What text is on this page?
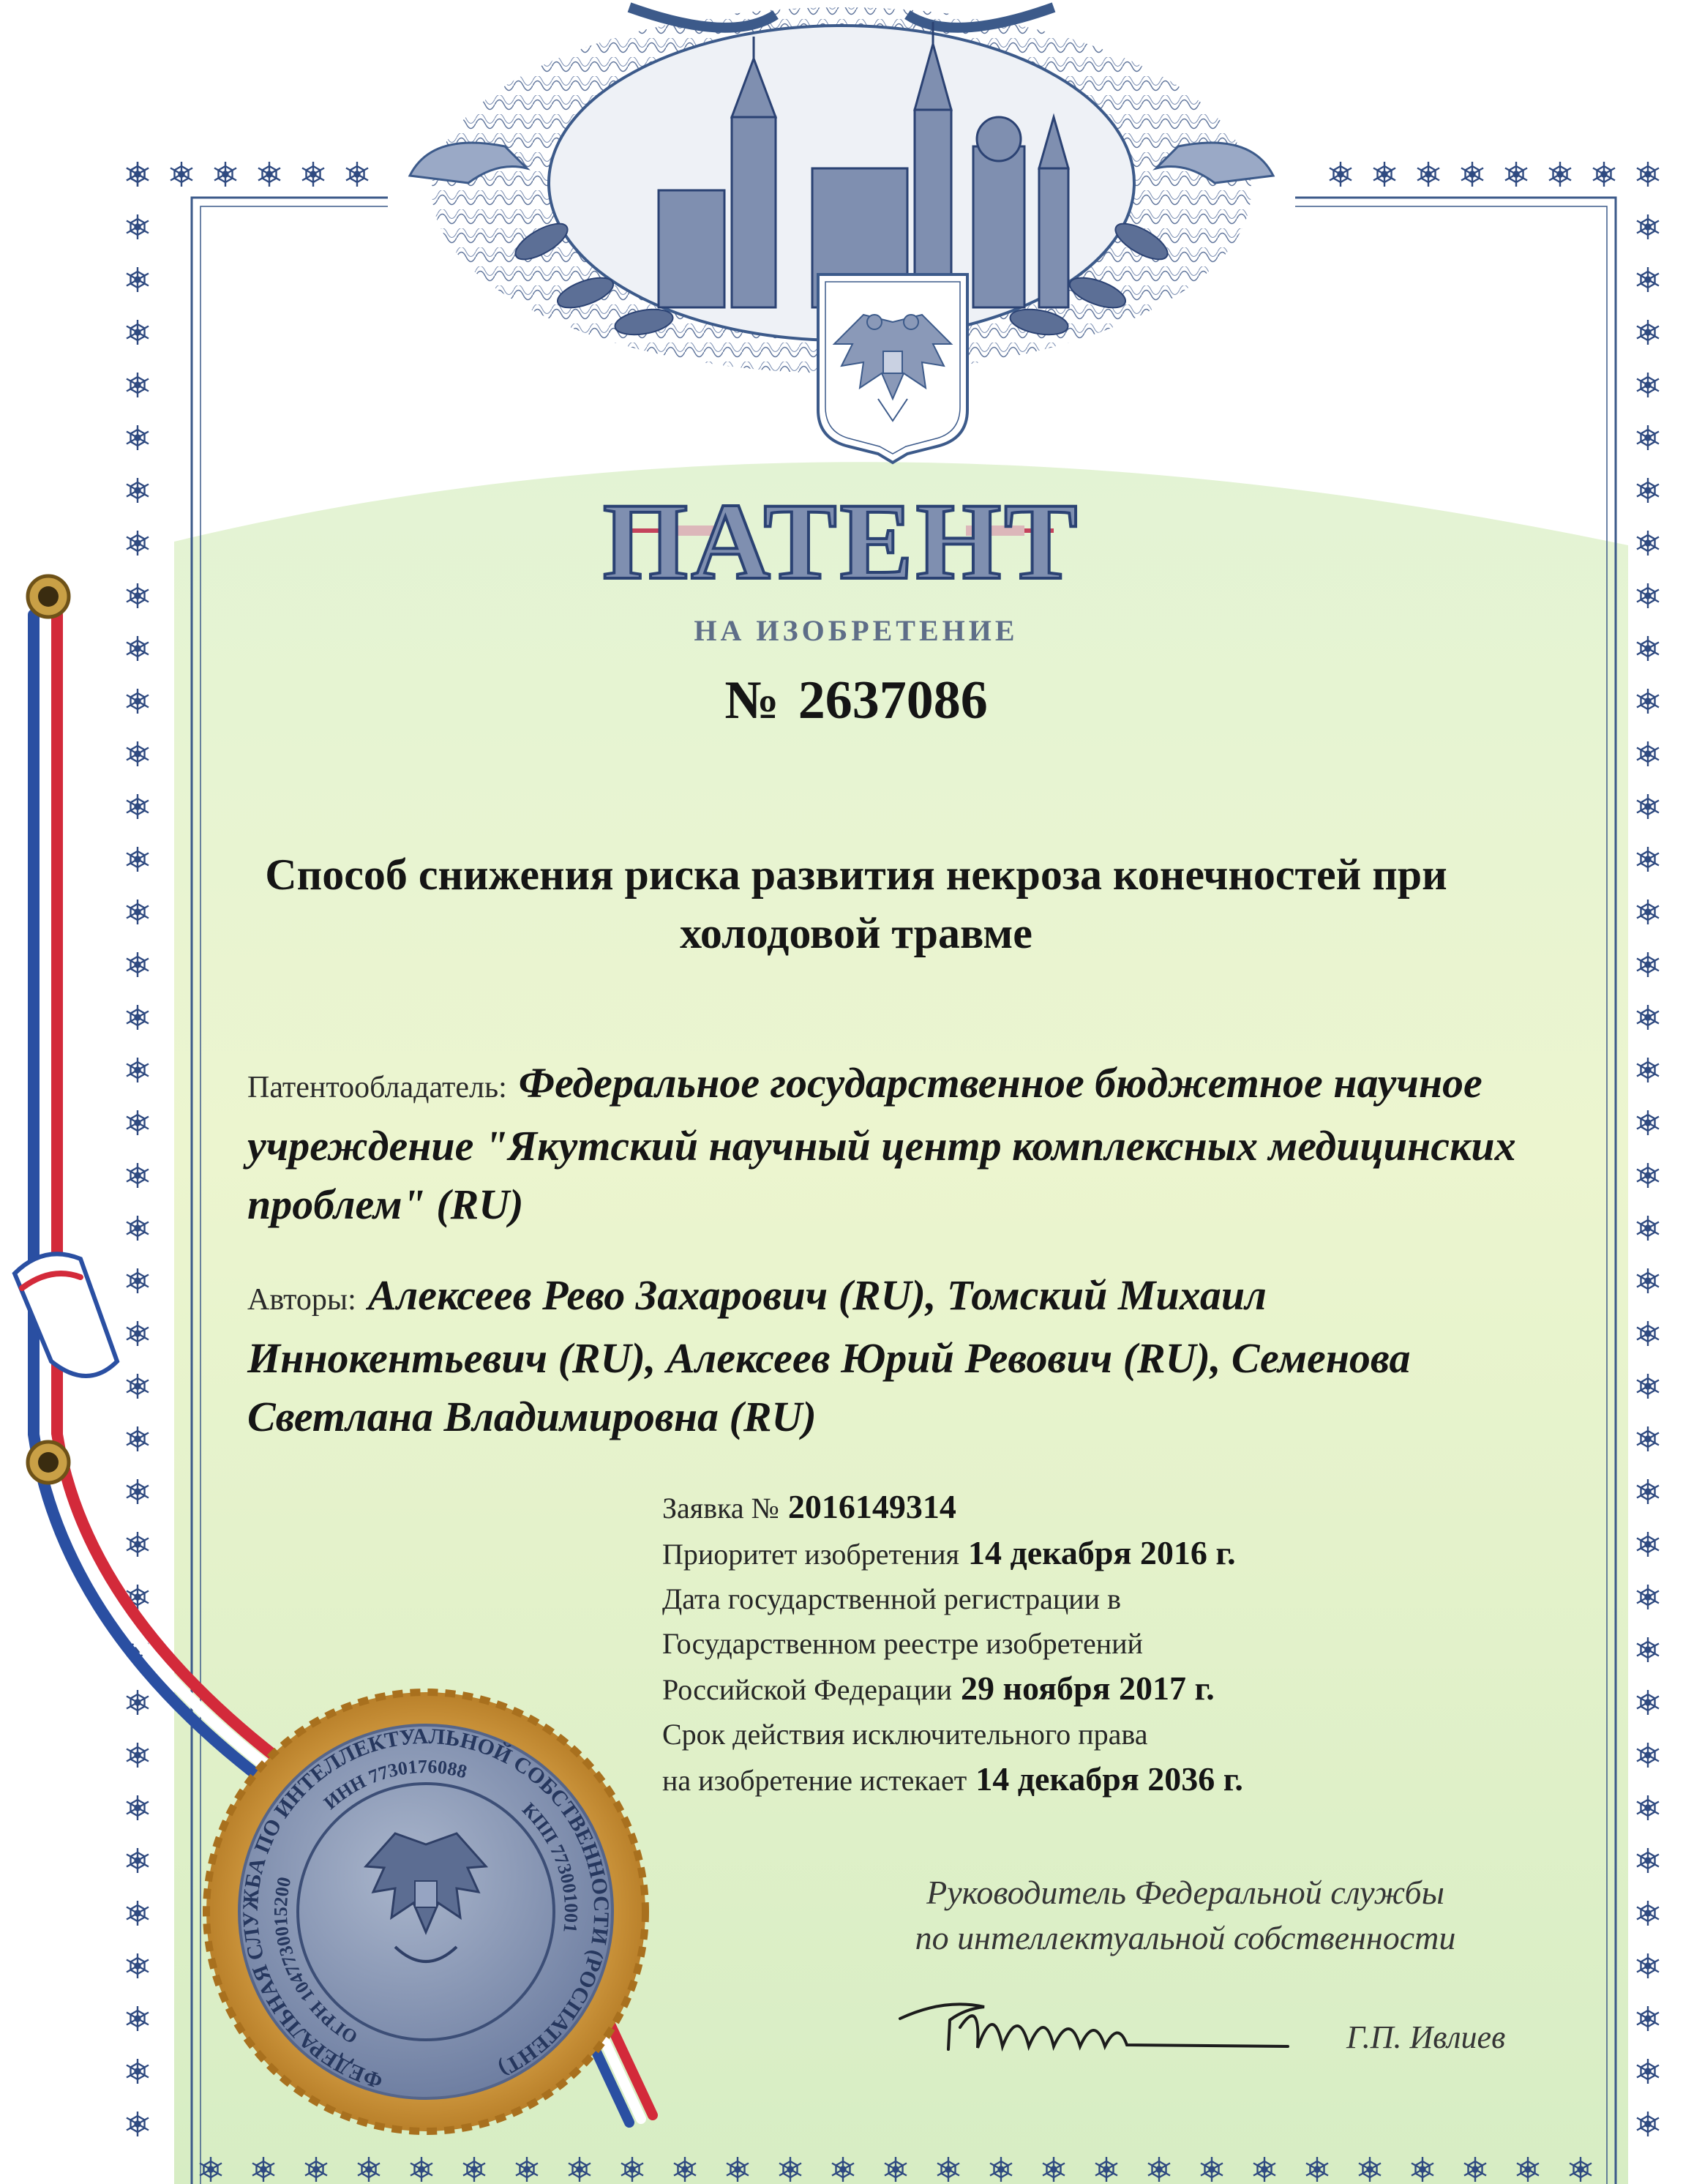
ПАТЕНТ
ФЕДЕРАЛЬНАЯ СЛУЖБА ПО ИНТЕЛЛЕКТУАЛЬНОЙ СОБСТВЕННОСТИ (РОСПАТЕНТ)
ИНН 7730176088
КПП 773001001
ОГРН 1047730015200
НА ИЗОБРЕТЕНИЕ
№ 2637086
Способ снижения риска развития некроза конечностей при холодовой травме
Патентообладатель: Федеральное государственное бюджетное научное учреждение "Якутский научный центр комплексных медицинских проблем" (RU)
Авторы: Алексеев Рево Захарович (RU), Томский Михаил Иннокентьевич (RU), Алексеев Юрий Ревович (RU), Семенова Светлана Владимировна (RU)
Заявка № 2016149314
Приоритет изобретения 14 декабря 2016 г.
Дата государственной регистрации в
Государственном реестре изобретений
Российской Федерации 29 ноября 2017 г.
Срок действия исключительного права
на изобретение истекает 14 декабря 2036 г.
Руководитель Федеральной службы
по интеллектуальной собственности
Г.П. Ивлиев
